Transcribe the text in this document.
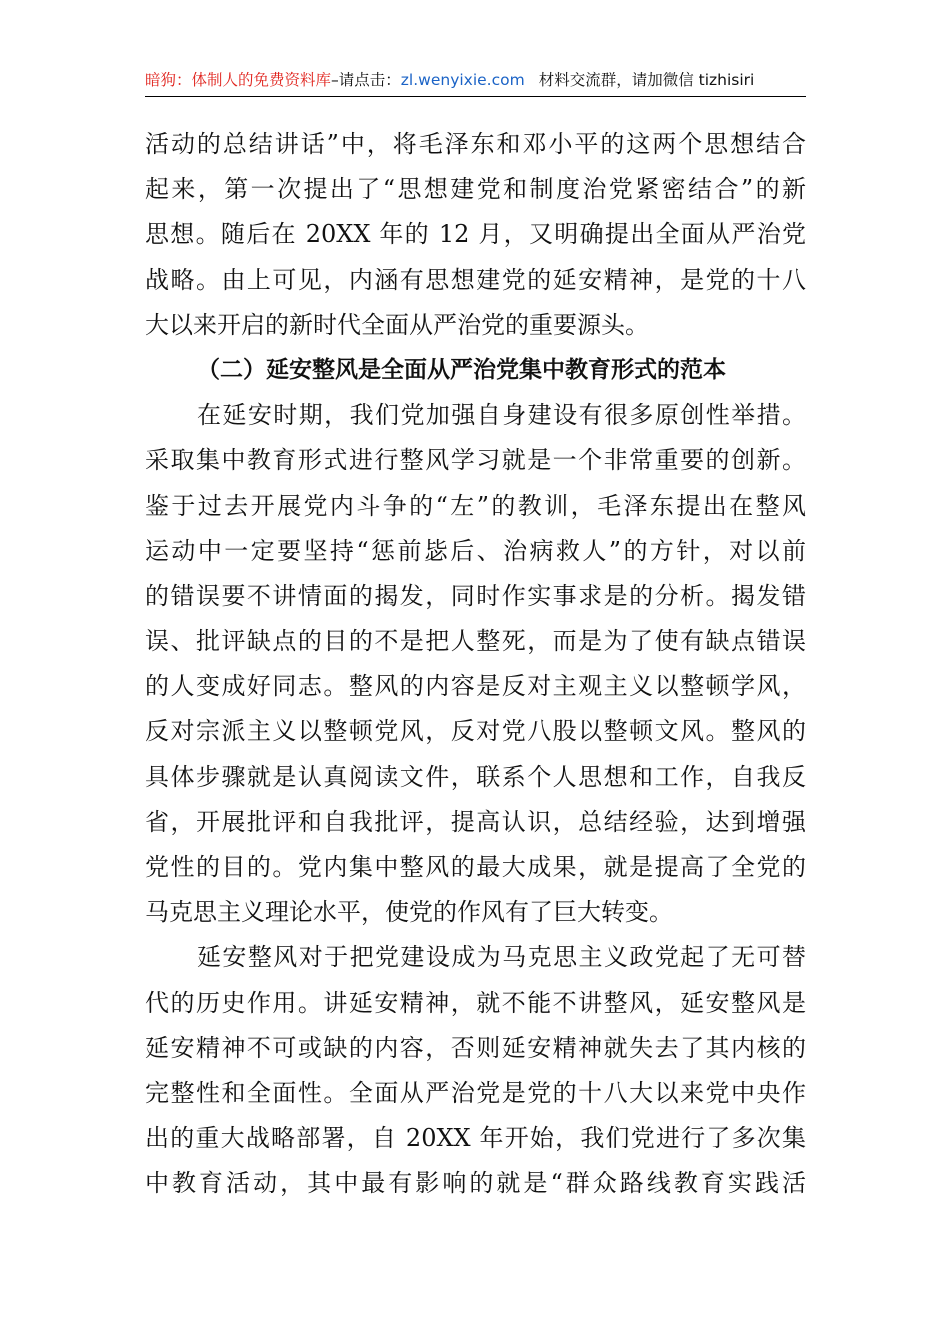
暗狗：体制人的免费资料库–请点击：zl.wenyixie.com 材料交流群，请加微信 tizhisiri
活动的总结讲话”中，将毛泽东和邓小平的这两个思想结合
起来，第一次提出了“思想建党和制度治党紧密结合”的新
思想。随后在 20XX 年的 12 月，又明确提出全面从严治党
战略。由上可见，内涵有思想建党的延安精神，是党的十八
大以来开启的新时代全面从严治党的重要源头。
（二）延安整风是全面从严治党集中教育形式的范本
在延安时期，我们党加强自身建设有很多原创性举措。
采取集中教育形式进行整风学习就是一个非常重要的创新。
鉴于过去开展党内斗争的“左”的教训，毛泽东提出在整风
运动中一定要坚持“惩前毖后、治病救人”的方针，对以前
的错误要不讲情面的揭发，同时作实事求是的分析。揭发错
误、批评缺点的目的不是把人整死，而是为了使有缺点错误
的人变成好同志。整风的内容是反对主观主义以整顿学风，
反对宗派主义以整顿党风，反对党八股以整顿文风。整风的
具体步骤就是认真阅读文件，联系个人思想和工作，自我反
省，开展批评和自我批评，提高认识，总结经验，达到增强
党性的目的。党内集中整风的最大成果，就是提高了全党的
马克思主义理论水平，使党的作风有了巨大转变。
延安整风对于把党建设成为马克思主义政党起了无可替
代的历史作用。讲延安精神，就不能不讲整风，延安整风是
延安精神不可或缺的内容，否则延安精神就失去了其内核的
完整性和全面性。全面从严治党是党的十八大以来党中央作
出的重大战略部署，自 20XX 年开始，我们党进行了多次集
中教育活动，其中最有影响的就是“群众路线教育实践活
